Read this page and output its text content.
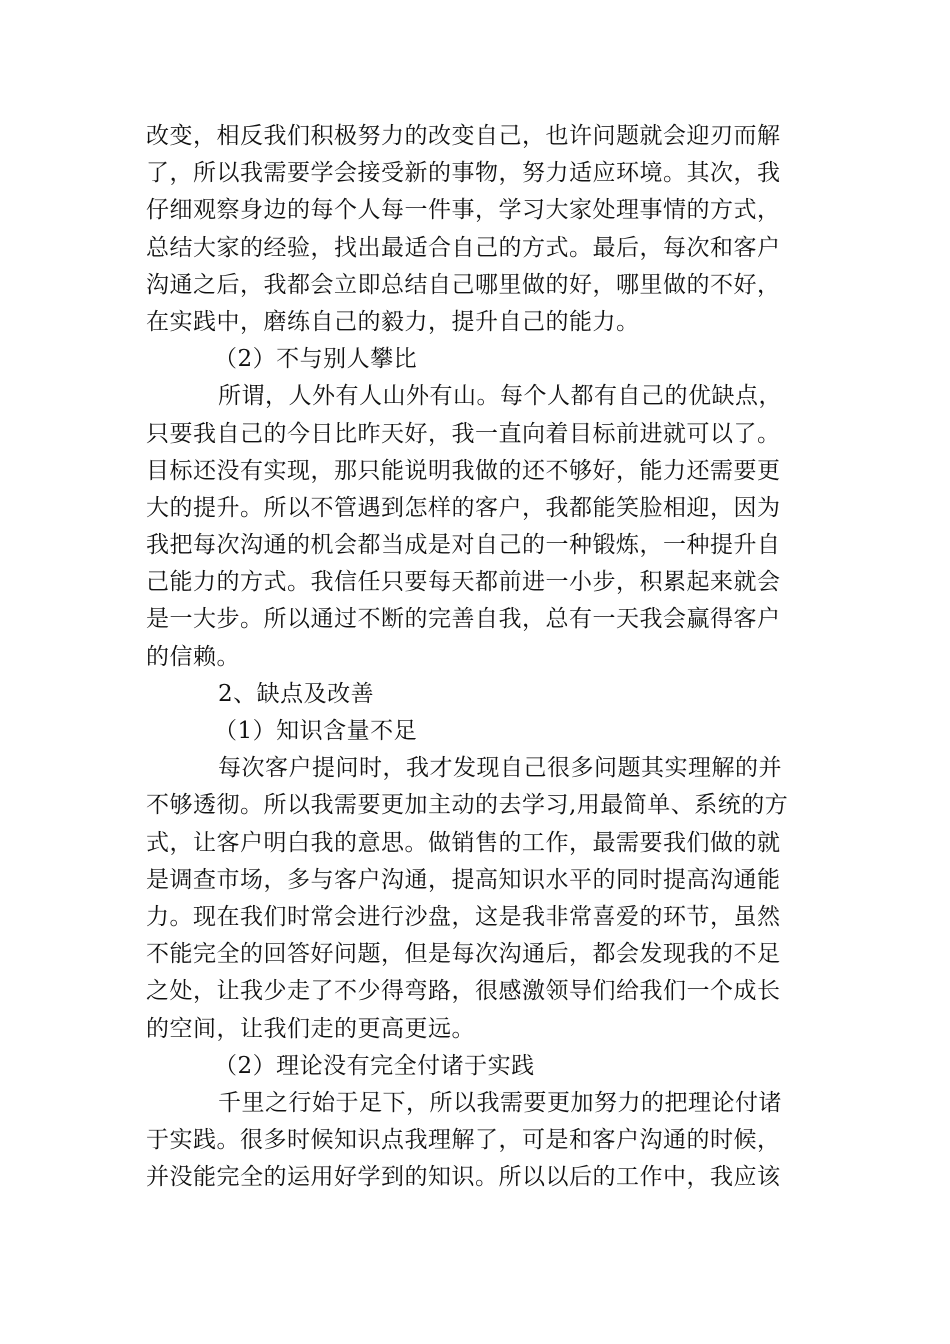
改变，相反我们积极努力的改变自己，也许问题就会迎刃而解
了，所以我需要学会接受新的事物，努力适应环境。其次，我
仔细观察身边的每个人每一件事，学习大家处理事情的方式，
总结大家的经验，找出最适合自己的方式。最后，每次和客户
沟通之后，我都会立即总结自己哪里做的好，哪里做的不好，
在实践中，磨练自己的毅力，提升自己的能力。
（2）不与别人攀比
所谓，人外有人山外有山。每个人都有自己的优缺点，
只要我自己的今日比昨天好，我一直向着目标前进就可以了。
目标还没有实现，那只能说明我做的还不够好，能力还需要更
大的提升。所以不管遇到怎样的客户，我都能笑脸相迎，因为
我把每次沟通的机会都当成是对自己的一种锻炼，一种提升自
己能力的方式。我信任只要每天都前进一小步，积累起来就会
是一大步。所以通过不断的完善自我，总有一天我会赢得客户
的信赖。
2、缺点及改善
（1）知识含量不足
每次客户提问时，我才发现自己很多问题其实理解的并
不够透彻。所以我需要更加主动的去学习,用最简单、系统的方
式，让客户明白我的意思。做销售的工作，最需要我们做的就
是调查市场，多与客户沟通，提高知识水平的同时提高沟通能
力。现在我们时常会进行沙盘，这是我非常喜爱的环节，虽然
不能完全的回答好问题，但是每次沟通后，都会发现我的不足
之处，让我少走了不少得弯路，很感激领导们给我们一个成长
的空间，让我们走的更高更远。
（2）理论没有完全付诸于实践
千里之行始于足下，所以我需要更加努力的把理论付诸
于实践。很多时候知识点我理解了，可是和客户沟通的时候，
并没能完全的运用好学到的知识。所以以后的工作中，我应该
